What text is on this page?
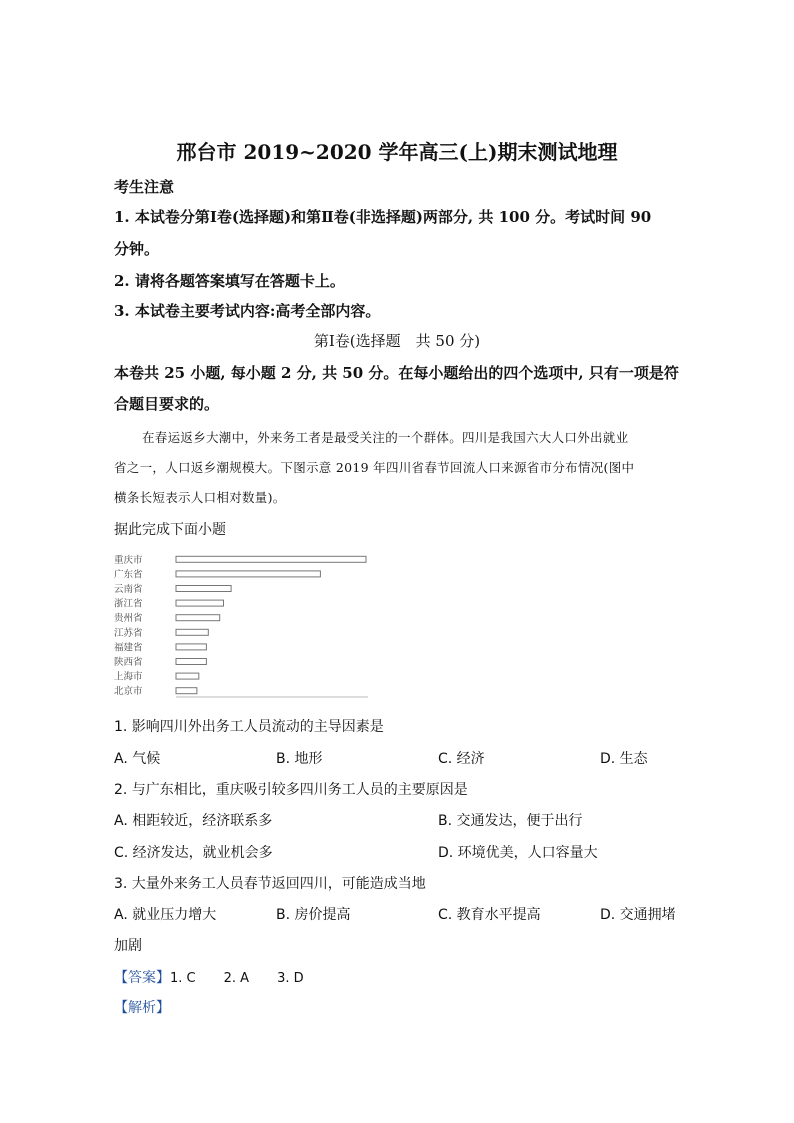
邢台市 2019~2020 学年高三(上)期末测试地理
考生注意
1. 本试卷分第Ⅰ卷(选择题)和第Ⅱ卷(非选择题)两部分, 共 100 分。考试时间 90
分钟。
2. 请将各题答案填写在答题卡上。
3. 本试卷主要考试内容:高考全部内容。
第Ⅰ卷(选择题　共 50 分)
本卷共 25 小题, 每小题 2 分, 共 50 分。在每小题给出的四个选项中, 只有一项是符
合题目要求的。
在春运返乡大潮中，外来务工者是最受关注的一个群体。四川是我国六大人口外出就业
省之一，人口返乡潮规模大。下图示意 2019 年四川省春节回流人口来源省市分布情况(图中
横条长短表示人口相对数量)。
据此完成下面小题
重庆市
广东省
云南省
浙江省
贵州省
江苏省
福建省
陕西省
上海市
北京市
1. 影响四川外出务工人员流动的主导因素是
A. 气候	B. 地形	C. 经济	D. 生态
2. 与广东相比，重庆吸引较多四川务工人员的主要原因是
A. 相距较近，经济联系多	B. 交通发达，便于出行
C. 经济发达，就业机会多	D. 环境优美，人口容量大
3. 大量外来务工人员春节返回四川，可能造成当地
A. 就业压力增大	B. 房价提高	C. 教育水平提高	D. 交通拥堵
加剧
【答案】1. C 2. A 3. D
【解析】
